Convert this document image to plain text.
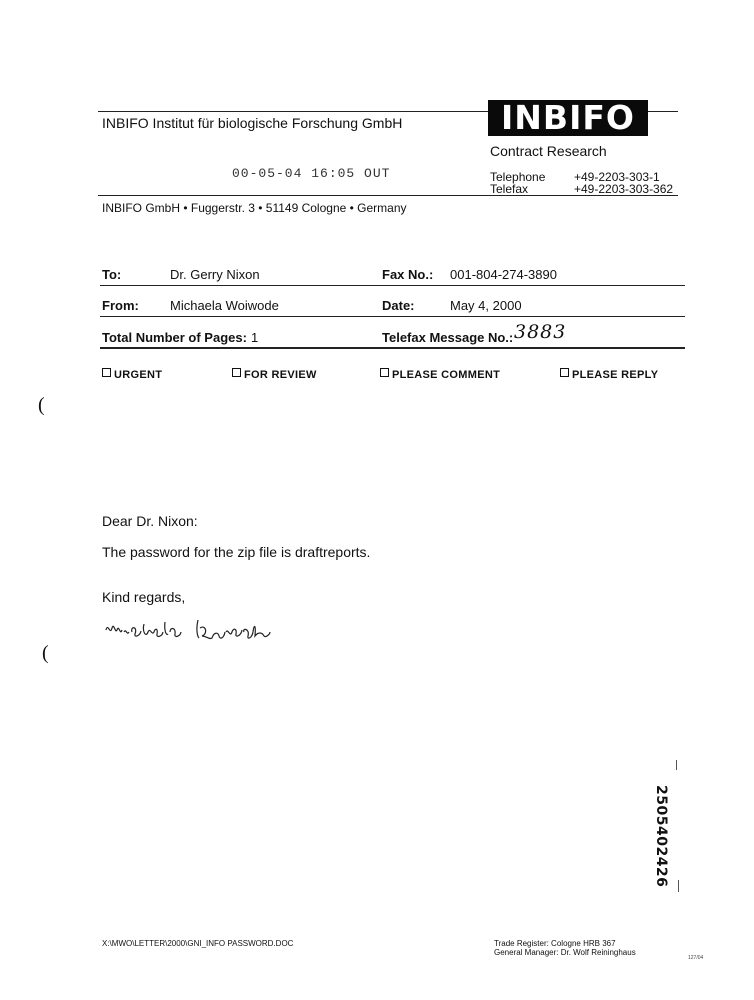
INBIFO Institut für biologische Forschung GmbH	INBIFO
Contract Research
00-05-04 16:05 OUT	Telephone +49-2203-303-1
Telefax	+49-2203-303-362
INBIFO GmbH • Fuggerstr. 3 • 51149 Cologne • Germany
To:	Dr. Gerry Nixon	Fax No.: 001-804-274-3890
From: Michaela Woiwode	Date:	May 4, 2000
Total Number of Pages: 1	Telefax Message No.: 3883
URGENT	FOR REVIEW	PLEASE COMMENT	PLEASE REPLY
(
(
Dear Dr. Nixon:
The password for the zip file is draftreports.
Kind regards,
2505402426
X:\MWO\LETTER\2000\GNI_INFO PASSWORD.DOC	Trade Register: Cologne HRB 367
General Manager: Dr. Wolf Reininghaus
127/04
